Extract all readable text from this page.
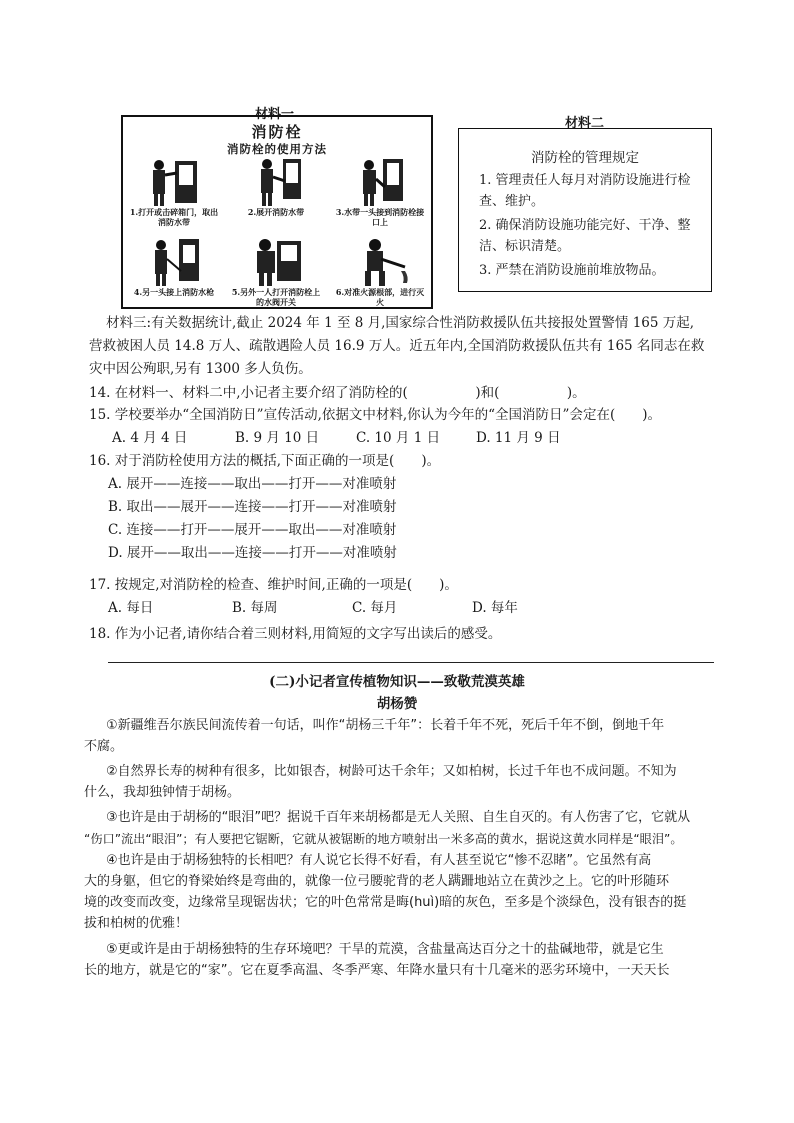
材料一
消防栓
消防栓的使用方法
1.打开或击碎箱门，取出消防水带
2.展开消防水带	3.水带一头接到消防栓接口上
4.另一头接上消防水枪	5.另外一人打开消防栓上的水阀开关
6.对准火源根部，进行灭火
材料二
消防栓的管理规定
1. 管理责任人每月对消防设施进行检查、维护。
2. 确保消防设施功能完好、干净、整洁、标识清楚。
3. 严禁在消防设施前堆放物品。
材料三:有关数据统计,截止 2024 年 1 至 8 月,国家综合性消防救援队伍共接报处置警情 165 万起,
营救被困人员 14.8 万人、疏散遇险人员 16.9 万人。近五年内,全国消防救援队伍共有 165 名同志在救
灾中因公殉职,另有 1300 多人负伤。
14. 在材料一、材料二中,小记者主要介绍了消防栓的(　　　　　)和(　　　　　)。
15. 学校要举办“全国消防日”宣传活动,依据文中材料,你认为今年的“全国消防日”会定在(　　)。
A. 4 月 4 日	B. 9 月 10 日	C. 10 月 1 日	D. 11 月 9 日
16. 对于消防栓使用方法的概括,下面正确的一项是(　　)。
A. 展开——连接——取出——打开——对准喷射
B. 取出——展开——连接——打开——对准喷射
C. 连接——打开——展开——取出——对准喷射
D. 展开——取出——连接——打开——对准喷射
17. 按规定,对消防栓的检查、维护时间,正确的一项是(　　)。
A. 每日	B. 每周	C. 每月	D. 每年
18. 作为小记者,请你结合着三则材料,用简短的文字写出读后的感受。
(二)小记者宣传植物知识——致敬荒漠英雄
胡杨赞
①新疆维吾尔族民间流传着一句话，叫作“胡杨三千年”：长着千年不死，死后千年不倒，倒地千年
不腐。
②自然界长寿的树种有很多，比如银杏，树龄可达千余年；又如柏树，长过千年也不成问题。不知为
什么，我却独钟情于胡杨。
③也许是由于胡杨的“眼泪”吧？据说千百年来胡杨都是无人关照、自生自灭的。有人伤害了它，它就从
“伤口”流出“眼泪”；有人要把它锯断，它就从被锯断的地方喷射出一米多高的黄水，据说这黄水同样是“眼泪”。
④也许是由于胡杨独特的长相吧？有人说它长得不好看，有人甚至说它“惨不忍睹”。它虽然有高
大的身躯，但它的脊梁始终是弯曲的，就像一位弓腰驼背的老人蹒跚地站立在黄沙之上。它的叶形随环
境的改变而改变，边缘常呈现锯齿状；它的叶色常常是晦(huì)暗的灰色，至多是个淡绿色，没有银杏的挺
拔和柏树的优雅！
⑤更或许是由于胡杨独特的生存环境吧？干旱的荒漠，含盐量高达百分之十的盐碱地带，就是它生
长的地方，就是它的“家”。它在夏季高温、冬季严寒、年降水量只有十几毫米的恶劣环境中，一天天长
